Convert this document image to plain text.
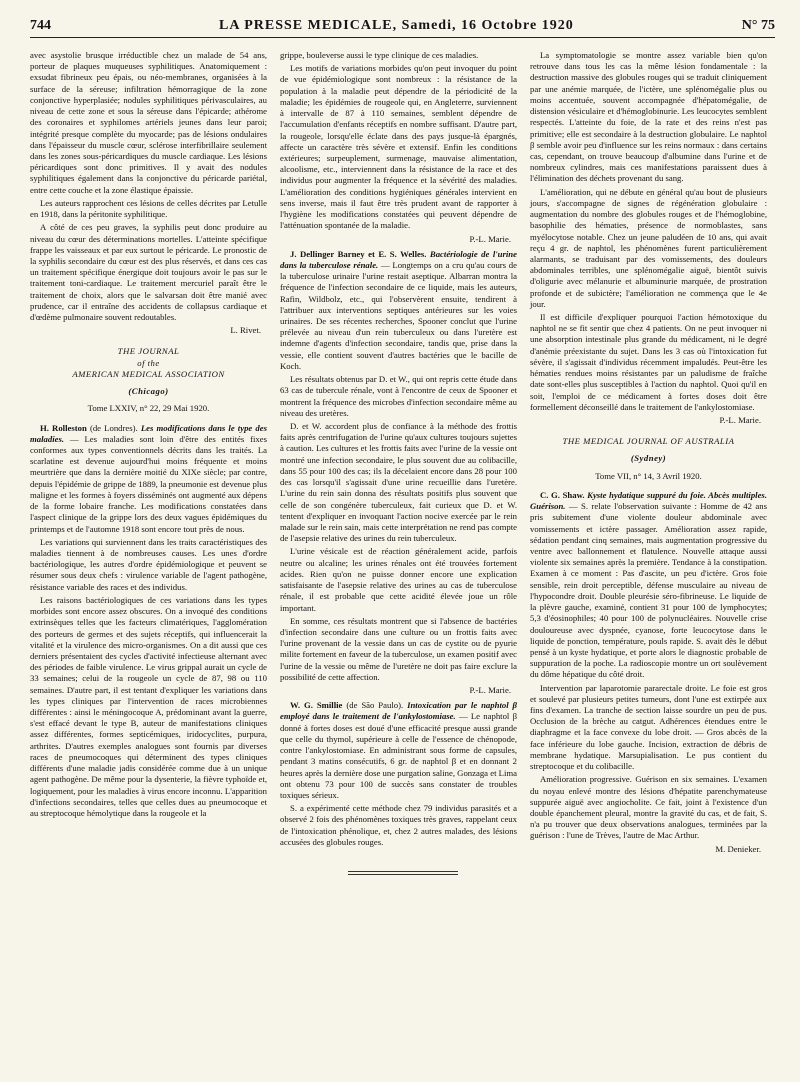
744	LA PRESSE MEDICALE, Samedi, 16 Octobre 1920	N° 75

avec asystolie brusque irréductible chez un malade de 54 ans, porteur de plaques muqueuses syphilitiques. Anatomiquement : exsudat fibrineux peu épais, ou néo-membranes, organisées à la surface de la séreuse; infiltration hémorragique de la zone conjonctive hyperplasiée; nodules syphilitiques périvasculaires, au niveau de cette zone et sous la séreuse dans l'épicarde; athérome des coronaires et syphilomes artériels jeunes dans leur paroi; intégrité presque complète du myocarde; pas de lésions ondulaires dans l'épaisseur du muscle cœur, sclérose interfibrillaire seulement dans les zones sous-péricardiques du muscle cardiaque. Les lésions péricardiques sont donc primitives. Il y avait des nodules syphilitiques également dans la conjonctive du péricarde pariétal, entre cette couche et la zone élastique épaissie.

Les auteurs rapprochent ces lésions de celles décrites par Letulle en 1918, dans la péritonite syphilitique.

A côté de ces peu graves, la syphilis peut donc produire au niveau du cœur des déterminations mortelles. L'atteinte spécifique frappe les vaisseaux et par eux surtout le péricarde. Le pronostic de la syphilis secondaire du cœur est des plus réservés, et dans ces cas un traitement spécifique énergique doit toujours avoir le pas sur le traitement toni-cardiaque. Le traitement mercuriel paraît être le traitement de choix, alors que le salvarsan doit être manié avec prudence, car il entraîne des accidents de collapsus cardiaque et d'œdème pulmonaire souvent redoutables.

L. Rivet.
THE JOURNAL
of the
AMERICAN MEDICAL ASSOCIATION
(Chicago)
Tome LXXIV, n° 22, 29 Mai 1920.

H. Rolleston (de Londres). Les modifications dans le type des maladies. — Les maladies sont loin d'être des entités fixes conformes aux types conventionnels décrits dans les traités. La scarlatine est devenue aujourd'hui moins fréquente et moins meurtrière que dans la dernière moitié du XIXe siècle; par contre, depuis l'épidémie de grippe de 1889, la pneumonie est devenue plus maligne et les formes à foyers disséminés ont augmenté aux dépens de la forme lobaire franche. Les modifications constatées dans l'aspect clinique de la grippe lors des deux vagues épidémiques du printemps et de l'automne 1918 sont encore tout près de nous.

Les variations qui surviennent dans les traits caractéristiques des maladies tiennent à de nombreuses causes. Les unes d'ordre bactériologique, les autres d'ordre épidémiologique et peuvent se résumer sous deux chefs : virulence variable de l'agent pathogène, résistance variable des races et des individus.

Les raisons bactériologiques de ces variations dans les types morbides sont encore assez obscures. On a invoqué des conditions extrinsèques telles que les facteurs climatériques, l'agglomération des porteurs de germes et des sujets réceptifs, qui influencerait la vitalité et la virulence des micro-organismes. On a dit aussi que ces derniers présentaient des cycles d'activité infectieuse alternant avec des périodes de faible virulence. Le virus grippal aurait un cycle de 33 semaines; celui de la rougeole un cycle de 87, 98 ou 110 semaines. D'autre part, il est tentant d'expliquer les variations dans les types cliniques par l'intervention de races microbiennes différentes : ainsi le méningocoque A, prédominant avant la guerre, s'est effacé devant le type B, auteur de manifestations cliniques assez différentes, formes septicémiques, iridocyclites, purpura, arthrites. D'autres exemples analogues sont fournis par diverses races de pneumocoques qui déterminent des types cliniques différents d'une maladie jadis considérée comme due à un unique agent pathogène. De même pour la dysenterie, la fièvre typhoïde et, logiquement, pour les maladies à virus encore inconnu. L'apparition d'infections secondaires, telles que celles dues au pneumocoque et au streptocoque hémolytique dans la rougeole et la

grippe, bouleverse aussi le type clinique de ces maladies.

Les motifs de variations morbides qu'on peut invoquer du point de vue épidémiologique sont nombreux : la résistance de la population à la maladie peut dépendre de la périodicité de la maladie; les épidémies de rougeole qui, en Angleterre, surviennent à intervalle de 87 à 110 semaines, semblent dépendre de l'accumulation d'enfants réceptifs en nombre suffisant. D'autre part, la rougeole, lorsqu'elle éclate dans des pays jusque-là épargnés, affecte un caractère très sévère et extensif. Enfin les conditions extérieures; surpeuplement, surmenage, mauvaise alimentation, alcoolisme, etc., interviennent dans la résistance de la race et des individus pour augmenter la fréquence et la sévérité des maladies. L'amélioration des conditions hygiéniques générales intervient en sens inverse, mais il faut être très prudent avant de rapporter à l'hygiène les modifications constatées qui peuvent dépendre de l'atténuation spontanée de la maladie.

P.-L. Marie.

J. Dellinger Barney et E. S. Welles. Bactériologie de l'urine dans la tuberculose rénale. — Longtemps on a cru qu'au cours de la tuberculose urinaire l'urine restait aseptique. Albarran montra la fréquence de l'infection secondaire de ce liquide, mais les auteurs, Rafin, Wildbolz, etc., qui l'observèrent ensuite, tendirent à l'attribuer aux interventions septiques antérieures sur les voies urinaires. De ses récentes recherches, Spooner conclut que l'urine prélevée au niveau d'un rein tuberculeux ou dans l'uretère est indemne d'agents d'infection secondaire, tandis que, prise dans la vessie, elle contient souvent d'autres bactéries que le bacille de Koch.

Les résultats obtenus par D. et W., qui ont repris cette étude dans 63 cas de tubercule rénale, vont à l'encontre de ceux de Spooner et montrent la fréquence des microbes d'infection secondaire même au niveau des uretères.

D. et W. accordent plus de confiance à la méthode des frottis faits après centrifugation de l'urine qu'aux cultures toujours sujettes à caution. Les cultures et les frottis faits avec l'urine de la vessie ont montré une infection secondaire, le plus souvent due au colibacille, dans 55 pour 100 des cas; ils la décelaient encore dans 28 pour 100 des cas lorsqu'il s'agissait d'une urine recueillie dans l'uretère. L'urine du rein sain donna des résultats positifs plus souvent que celle de son congénère tuberculeux, fait curieux que D. et W. tentent d'expliquer en invoquant l'action nocive exercée par le rein malade sur le rein sain, mais cette interprétation ne rend pas compte de l'asepsie relative des urines du rein tuberculeux.

L'urine vésicale est de réaction généralement acide, parfois neutre ou alcaline; les urines rénales ont été trouvées fortement acides. Rien qu'on ne puisse donner encore une explication satisfaisante de l'asepsie relative des urines au cas de tuberculose rénale, il est probable que cette acidité élevée joue un rôle important.

En somme, ces résultats montrent que si l'absence de bactéries d'infection secondaire dans une culture ou un frottis faits avec l'urine provenant de la vessie dans un cas de cystite ou de pyurie milite fortement en faveur de la tuberculose, un examen positif avec l'urine de la vessie ou même de l'uretère ne doit pas faire exclure la possibilité de cette affection.

P.-L. Marie.

W. G. Smillie (de São Paulo). Intoxication par le naphtol β employé dans le traitement de l'ankylostomiase. — Le naphtol β donné à fortes doses est doué d'une efficacité presque aussi grande que celle du thymol, supérieure à celle de l'essence de chénopode, contre l'ankylostomiase. En administrant sous forme de capsules, pendant 3 matins consécutifs, 6 gr. de naphtol β et en donnant 2 heures après la dernière dose une purgation saline, Gonzaga et Lima ont obtenu 73 pour 100 de succès sans constater de troubles toxiques sérieux.

S. a expérimenté cette méthode chez 79 individus parasités et a observé 2 fois des phénomènes toxiques très graves, rappelant ceux de l'intoxication phénolique, et, chez 2 autres malades, des lésions accusées des globules rouges.

La symptomatologie se montre assez variable bien qu'on retrouve dans tous les cas la même lésion fondamentale : la destruction massive des globules rouges qui se traduit cliniquement par une anémie marquée, de l'ictère, une splénomégalie plus ou moins accentuée, souvent accompagnée d'hépatomégalie, de distension vésiculaire et d'hémoglobinurie. Les leucocytes semblent respectés. L'atteinte du foie, de la rate et des reins n'est pas primitive; elle est secondaire à la destruction globulaire. Le naphtol β semble avoir peu d'influence sur les reins normaux : dans certains cas, cependant, on trouve beaucoup d'albumine dans l'urine et de nombreux cylindres, mais ces manifestations paraissent dues à l'élimination des déchets provenant du sang.

L'amélioration, qui ne débute en général qu'au bout de plusieurs jours, s'accompagne de signes de régénération globulaire : augmentation du nombre des globules rouges et de l'hémoglobine, basophilie des hématies, présence de normoblastes, sans myélocytose notable. Chez un jeune paludéen de 10 ans, qui avait reçu 4 gr. de naphtol, les phénomènes furent particulièrement alarmants, se traduisant par des vomissements, des douleurs abdominales terribles, une splénomégalie aiguë, bientôt suivis d'oligurie avec mélanurie et albuminurie marquée, de prostration profonde et de subictère; l'amélioration ne commença que le 4e jour.

Il est difficile d'expliquer pourquoi l'action hémotoxique du naphtol ne se fit sentir que chez 4 patients. On ne peut invoquer ni une absorption intestinale plus grande du médicament, ni le degré d'anémie préexistante du sujet. Dans les 3 cas où l'intoxication fut sévère, il s'agissait d'individus récemment impaludés. Peut-être les hématies rendues moins résistantes par un paludisme de fraîche date sont-elles plus susceptibles à l'action du naphtol. Quoi qu'il en soit, l'emploi de ce médicament à fortes doses doit être formellement déconseillé dans le traitement de l'ankylostomiase.

P.-L. Marie.
THE MEDICAL JOURNAL OF AUSTRALIA
(Sydney)
Tome VII, n° 14, 3 Avril 1920.

C. G. Shaw. Kyste hydatique suppuré du foie. Abcès multiples. Guérison. — S. relate l'observation suivante : Homme de 42 ans pris subitement d'une violente douleur abdominale avec vomissements et ictère passager. Amélioration assez rapide, sédation pendant cinq semaines, mais augmentation progressive du ventre avec ballonnement et flatulence. Nouvelle attaque aussi violente six semaines après la première. Tendance à la constipation. Examen à ce moment : Pas d'ascite, un peu d'ictère. Gros foie sensible, rein droit perceptible, défense musculaire au niveau de l'hypocondre droit. Double pleurésie séro-fibrineuse. Le liquide de la plèvre gauche, examiné, contient 31 pour 100 de lymphocytes; 5,3 d'éosinophiles; 40 pour 100 de polynucléaires. Nouvelle crise douloureuse avec dyspnée, cyanose, forte leucocytose dans le liquide de ponction, température, pouls rapide. S. avait dès le début pensé à un kyste hydatique, et porte alors le diagnostic probable de suppuration de la poche. La radioscopie montre un ort soulèvement du dôme hépatique du côté droit.

Intervention par laparotomie pararectale droite. Le foie est gros et soulevé par plusieurs petites tumeurs, dont l'une est extirpée aux fins d'examen. La tranche de section laisse sourdre un peu de pus. Occlusion de la brèche au catgut. Adhérences étendues entre le diaphragme et la face convexe du lobe droit. — Gros abcès de la face inférieure du lobe gauche. Incision, extraction de débris de membrane hydatique. Marsupialisation. Le pus contient du streptocoque et du colibacille.

Amélioration progressive. Guérison en six semaines. L'examen du noyau enlevé montre des lésions d'hépatite parenchymateuse suppurée aiguë avec angiocholite. Ce fait, joint à l'existence d'un double épanchement pleural, montre la gravité du cas, et de fait, S. n'a pu trouver que deux observations analogues, terminées par la guérison : l'une de Trèves, l'autre de Mac Arthur.

M. Denieker.
